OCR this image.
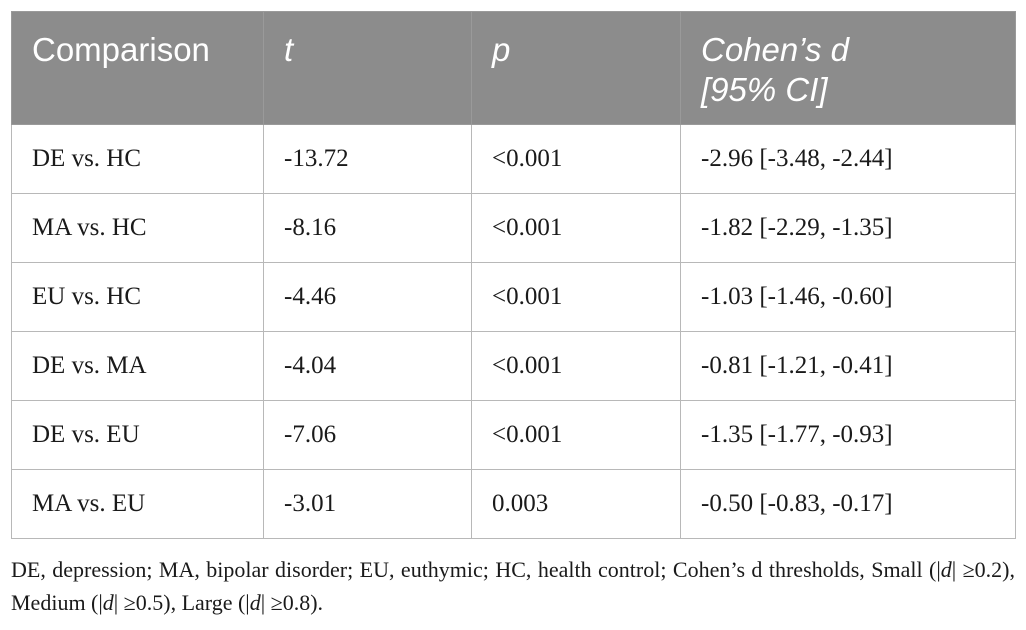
Comparison	t	p	Cohen’s d
[95% CI]
DE vs. HC	-13.72	<0.001	-2.96 [-3.48, -2.44]
MA vs. HC	-8.16	<0.001	-1.82 [-2.29, -1.35]
EU vs. HC	-4.46	<0.001	-1.03 [-1.46, -0.60]
DE vs. MA	-4.04	<0.001	-0.81 [-1.21, -0.41]
DE vs. EU	-7.06	<0.001	-1.35 [-1.77, -0.93]
MA vs. EU	-3.01	0.003	-0.50 [-0.83, -0.17]
DE, depression; MA, bipolar disorder; EU, euthymic; HC, health control; Cohen’s d thresholds, Small (|d| ≥0.2), Medium (|d| ≥0.5), Large (|d| ≥0.8).
